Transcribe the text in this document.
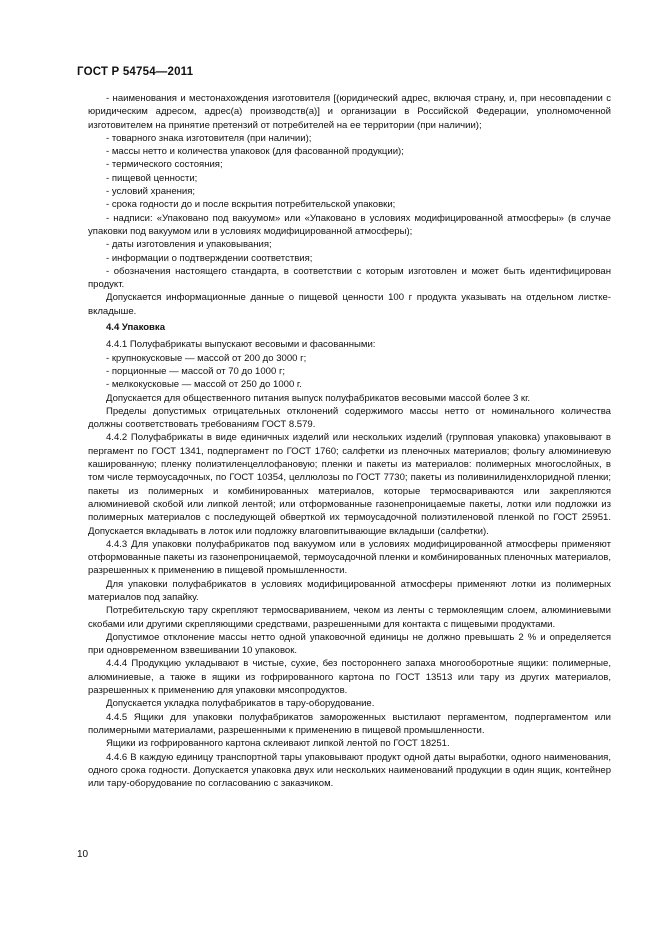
ГОСТ Р 54754—2011

- наименования и местонахождения изготовителя [(юридический адрес, включая страну, и, при несовпадении с юридическим адресом, адрес(а) производств(а)] и организации в Российской Федерации, уполномоченной изготовителем на принятие претензий от потребителей на ее территории (при наличии);

- товарного знака изготовителя (при наличии);

- массы нетто и количества упаковок (для фасованной продукции);

- термического состояния;

- пищевой ценности;

- условий хранения;

- срока годности до и после вскрытия потребительской упаковки;

- надписи: «Упаковано под вакуумом» или «Упаковано в условиях модифицированной атмосферы» (в случае упаковки под вакуумом или в условиях модифицированной атмосферы);

- даты изготовления и упаковывания;

- информации о подтверждении соответствия;

- обозначения настоящего стандарта, в соответствии с которым изготовлен и может быть идентифицирован продукт.

Допускается информационные данные о пищевой ценности 100 г продукта указывать на отдельном листке-вкладыше.

4.4 Упаковка

4.4.1 Полуфабрикаты выпускают весовыми и фасованными:

- крупнокусковые — массой от 200 до 3000 г;

- порционные — массой от 70 до 1000 г;

- мелкокусковые — массой от 250 до 1000 г.

Допускается для общественного питания выпуск полуфабрикатов весовыми массой более 3 кг.

Пределы допустимых отрицательных отклонений содержимого массы нетто от номинального количества должны соответствовать требованиям ГОСТ 8.579.

4.4.2 Полуфабрикаты в виде единичных изделий или нескольких изделий (групповая упаковка) упаковывают в пергамент по ГОСТ 1341, подпергамент по ГОСТ 1760; салфетки из пленочных материалов; фольгу алюминиевую кашированную; пленку полиэтиленцеллофановую; пленки и пакеты из материалов: полимерных многослойных, в том числе термоусадочных, по ГОСТ 10354, целлюлозы по ГОСТ 7730; пакеты из поливинилиденхлоридной пленки; пакеты из полимерных и комбинированных материалов, которые термосвариваются или закрепляются алюминиевой скобой или липкой лентой; или отформованные газонепроницаемые пакеты, лотки или подложки из полимерных материалов с последующей обверткой их термоусадочной полиэтиленовой пленкой по ГОСТ 25951. Допускается вкладывать в лоток или подложку влаговпитывающие вкладыши (салфетки).

4.4.3 Для упаковки полуфабрикатов под вакуумом или в условиях модифицированной атмосферы применяют отформованные пакеты из газонепроницаемой, термоусадочной пленки и комбинированных пленочных материалов, разрешенных к применению в пищевой промышленности.

Для упаковки полуфабрикатов в условиях модифицированной атмосферы применяют лотки из полимерных материалов под запайку.

Потребительскую тару скрепляют термосвариванием, чеком из ленты с термоклеящим слоем, алюминиевыми скобами или другими скрепляющими средствами, разрешенными для контакта с пищевыми продуктами.

Допустимое отклонение массы нетто одной упаковочной единицы не должно превышать 2 % и определяется при одновременном взвешивании 10 упаковок.

4.4.4 Продукцию укладывают в чистые, сухие, без постороннего запаха многооборотные ящики: полимерные, алюминиевые, а также в ящики из гофрированного картона по ГОСТ 13513 или тару из других материалов, разрешенных к применению для упаковки мясопродуктов.

Допускается укладка полуфабрикатов в тару-оборудование.

4.4.5 Ящики для упаковки полуфабрикатов замороженных выстилают пергаментом, подпергаментом или полимерными материалами, разрешенными к применению в пищевой промышленности.

Ящики из гофрированного картона склеивают липкой лентой по ГОСТ 18251.

4.4.6 В каждую единицу транспортной тары упаковывают продукт одной даты выработки, одного наименования, одного срока годности. Допускается упаковка двух или нескольких наименований продукции в один ящик, контейнер или тару-оборудование по согласованию с заказчиком.

10
